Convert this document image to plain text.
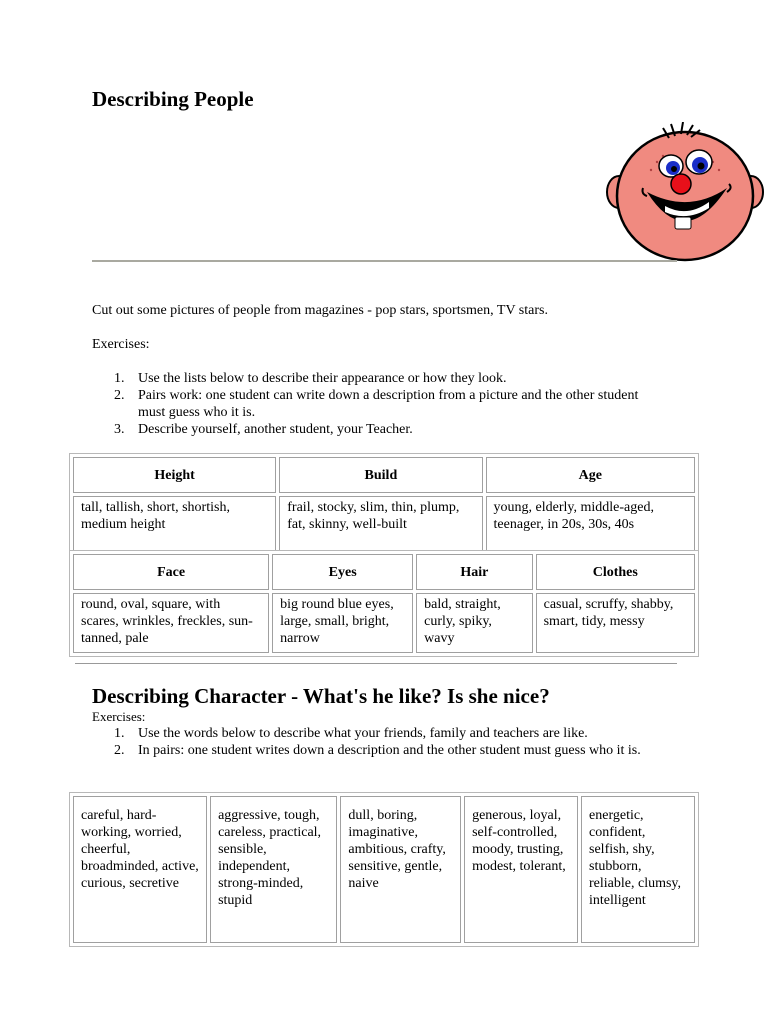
Describing People
Cut out some pictures of people from magazines - pop stars, sportsmen, TV stars.
Exercises:
1. Use the lists below to describe their appearance or how they look.
2. Pairs work: one student can write down a description from a picture and the other student must guess who it is.
3. Describe yourself, another student, your Teacher.
Height	Build	Age
tall, tallish, short, shortish, medium height	frail, stocky, slim, thin, plump, fat, skinny, well-built	young, elderly, middle-aged, teenager, in 20s, 30s, 40s
Face	Eyes	Hair	Clothes
round, oval, square, with scares, wrinkles, freckles, sun-tanned, pale	big round blue eyes, large, small, bright, narrow	bald, straight, curly, spiky, wavy	casual, scruffy, shabby, smart, tidy, messy
Describing Character - What's he like? Is she nice?
Exercises:
1. Use the words below to describe what your friends, family and teachers are like.
2. In pairs: one student writes down a description and the other student must guess who it is.
careful, hard-working, worried, cheerful, broadminded, active, curious, secretive	aggressive, tough, careless, practical, sensible, independent, strong-minded, stupid	dull, boring, imaginative, ambitious, crafty, sensitive, gentle, naive	generous, loyal, self-controlled, moody, trusting, modest, tolerant,	energetic, confident, selfish, shy, stubborn, reliable, clumsy, intelligent
